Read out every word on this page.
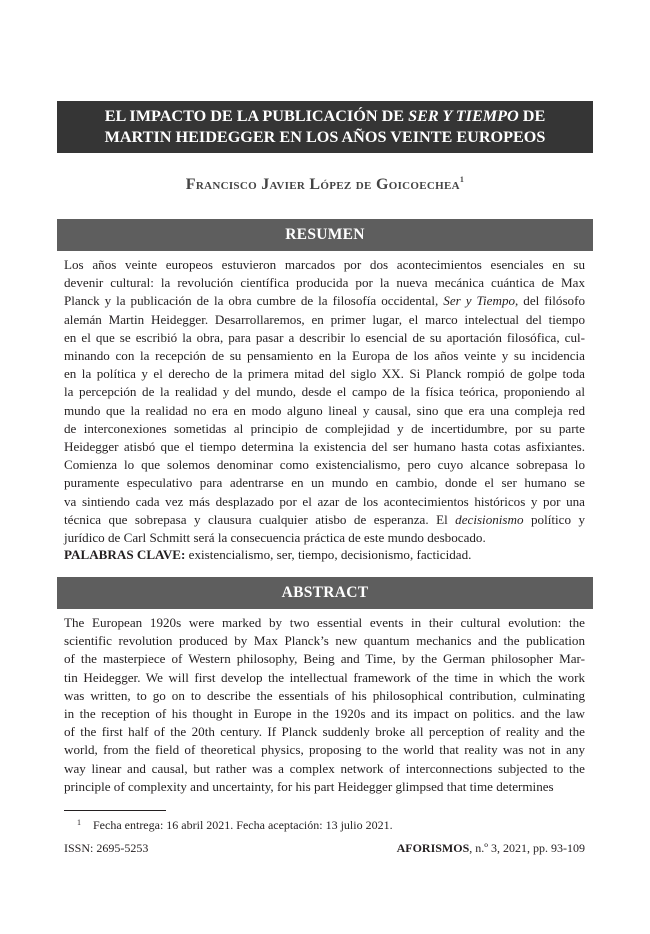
EL IMPACTO DE LA PUBLICACIÓN DE SER Y TIEMPO DE
MARTIN HEIDEGGER EN LOS AÑOS VEINTE EUROPEOS
Francisco Javier López de Goicoechea$^1$
RESUMEN
Los años veinte europeos estuvieron marcados por dos acontecimientos esenciales en su
devenir cultural: la revolución científica producida por la nueva mecánica cuántica de Max
Planck y la publicación de la obra cumbre de la filosofía occidental, Ser y Tiempo, del filósofo
alemán Martin Heidegger. Desarrollaremos, en primer lugar, el marco intelectual del tiempo
en el que se escribió la obra, para pasar a describir lo esencial de su aportación filosófica, cul-
minando con la recepción de su pensamiento en la Europa de los años veinte y su incidencia
en la política y el derecho de la primera mitad del siglo XX. Si Planck rompió de golpe toda
la percepción de la realidad y del mundo, desde el campo de la física teórica, proponiendo al
mundo que la realidad no era en modo alguno lineal y causal, sino que era una compleja red
de interconexiones sometidas al principio de complejidad y de incertidumbre, por su parte
Heidegger atisbó que el tiempo determina la existencia del ser humano hasta cotas asfixiantes.
Comienza lo que solemos denominar como existencialismo, pero cuyo alcance sobrepasa lo
puramente especulativo para adentrarse en un mundo en cambio, donde el ser humano se
va sintiendo cada vez más desplazado por el azar de los acontecimientos históricos y por una
técnica que sobrepasa y clausura cualquier atisbo de esperanza. El decisionismo político y
jurídico de Carl Schmitt será la consecuencia práctica de este mundo desbocado.
PALABRAS CLAVE: existencialismo, ser, tiempo, decisionismo, facticidad.
ABSTRACT
The European 1920s were marked by two essential events in their cultural evolution: the
scientific revolution produced by Max Planck’s new quantum mechanics and the publication
of the masterpiece of Western philosophy, Being and Time, by the German philosopher Mar-
tin Heidegger. We will first develop the intellectual framework of the time in which the work
was written, to go on to describe the essentials of his philosophical contribution, culminating
in the reception of his thought in Europe in the 1920s and its impact on politics. and the law
of the first half of the 20th century. If Planck suddenly broke all perception of reality and the
world, from the field of theoretical physics, proposing to the world that reality was not in any
way linear and causal, but rather was a complex network of interconnections subjected to the
principle of complexity and uncertainty, for his part Heidegger glimpsed that time determines
$^1$ Fecha entrega: 16 abril 2021. Fecha aceptación: 13 julio 2021.
ISSN: 2695-5253	AFORISMOS, n.º 3, 2021, pp. 93-109
